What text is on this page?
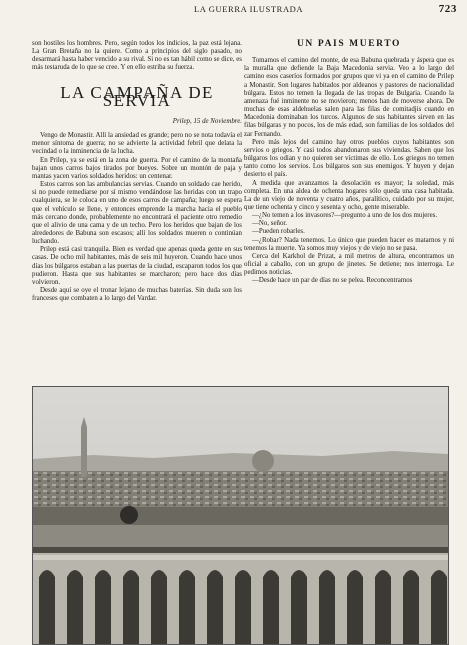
LA GUERRA ILUSTRADA	723

son hostiles los hombres. Pero, según todos los indicios, la paz está lejana. La Gran Bretaña no la quiere. Como a principios del siglo pasado, no desarmará hasta haber vencido a su rival. Si no es tan hábil como se dice, es más testaruda de lo que se cree. Y en ello estriba su fuerza.

LA CAMPAÑA DE SERVIA
Prilep, 15 de Noviembre.

Vengo de Monastir. Allí la ansiedad es grande; pero no se nota todavía el menor síntoma de guerra; no se advierte la actividad febril que delata la vecindad o la inminencia de la lucha.

En Prilep, ya se está en la zona de guerra. Por el camino de la montaña bajan unos carros bajos tirados por bueyes. Sobre un montón de paja y mantas yacen varios soldados heridos: un centenar.

Estos carros son las ambulancias servias. Cuando un soldado cae herido, si no puede remediarse por sí mismo vendándose las heridas con un trapo cualquiera, se le coloca en uno de esos carros de campaña; luego se espera que el vehículo se llene, y entonces emprende la marcha hacia el pueblo más cercano donde, probablemente no encontrará el paciente otro remedio que el alivio de una cama y de un techo. Pero los heridos que bajan de los alrededores de Babuna son escasos; allí los soldados mueren o continúan luchando.

Prilep está casi tranquila. Bien es verdad que apenas queda gente en sus casas. De ocho mil habitantes, más de seis mil huyeron. Cuando hace unos días los búlgaros estaban a las puertas de la ciudad, escaparon todos los que pudieron. Hasta que sus habitantes se marcharon; pero hace dos días volvieron.

Desde aquí se oye el tronar lejano de muchas baterías. Sin duda son los franceses que combaten a lo largo del Vardar.

UN PAIS MUERTO

Tomamos el camino del monte, de esa Babuna quebrada y áspera que es la muralla que defiende la Baja Macedonia servia. Veo a lo largo del camino esos caseríos formados por grupos que vi ya en el camino de Prilep a Monastir. Son lugares habitados por aldeanos y pastores de nacionalidad búlgara. Estos no temen la llegada de las tropas de Bulgaria. Cuando la amenaza fué inminente no se movieron; menos han de moverse ahora. De muchas de esas aldehuelas salen para las filas de comitadjis cuando en Macedonia dominaban los turcos. Algunos de sus habitantes sirven en las filas búlgaras y no pocos, los de más edad, son familias de los soldados del zar Fernando.

Pero más lejos del camino hay otros pueblos cuyos habitantes son servios o griegos. Y casi todos abandonaron sus viviendas. Saben que los búlgaros los odian y no quieren ser víctimas de ello. Los griegos no temen tanto como los servios. Los búlgaros son sus enemigos. Y huyen y dejan desierto el país.

A medida que avanzamos la desolación es mayor; la soledad, más completa. En una aldea de ochenta hogares sólo queda una casa habitada. La de un viejo de noventa y cuatro años, paralítico, cuidado por su mujer, que tiene ochenta y cinco y sesenta y ocho, gente miserable.

—¿No temen a los invasores?—pregunto a uno de los dos mujeres.

—No, señor.

—Pueden robarles.

—¿Robar? Nada tenemos. Lo único que pueden hacer es matarnos y ni tenemos la muerte. Ya somos muy viejos y de viejo no se pasa.

Cerca del Karkhol de Prizat, a mil metros de altura, encontramos un oficial a caballo, con un grupo de jinetes. Se detiene; nos interroga. Le pedimos noticias.

—Desde hace un par de días no se pelea. Reconcentramos
